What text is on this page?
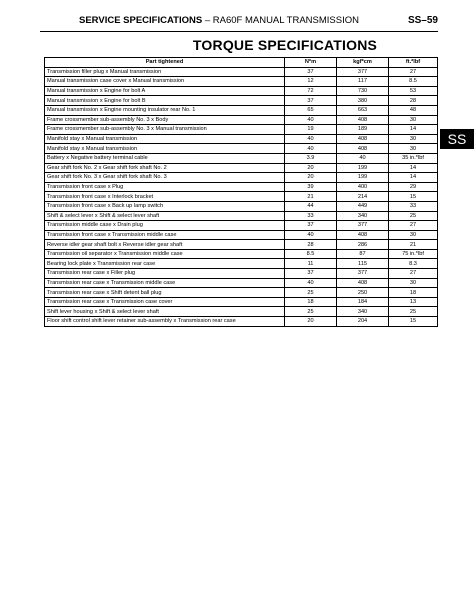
SERVICE SPECIFICATIONS – RA60F MANUAL TRANSMISSION	SS–59
TORQUE SPECIFICATIONS
SS
Part tightened	N*m	kgf*cm	ft.*lbf
Transmission filler plug x Manual transmission	37	377	27
Manual transmission case cover x Manual transmission	12	117	8.5
Manual transmission x Engine for bolt A	72	730	53
Manual transmission x Engine for bolt B	37	380	28
Manual transmission x Engine mounting insulator rear No. 1	65	663	48
Frame crossmember sub-assembly No. 3 x Body	40	408	30
Frame crossmember sub-assembly No. 3 x Manual transmission	19	189	14
Manifold stay x Manual transmission	40	408	30
Manifold stay x Manual transmission	40	408	30
Battery x Negative battery terminal cable	3.9	40	35 in.*lbf
Gear shift fork No. 2 x Gear shift fork shaft No. 2	20	199	14
Gear shift fork No. 3 x Gear shift fork shaft No. 3	20	199	14
Transmission front case x Plug	39	400	29
Transmission front case x Interlock bracket	21	214	15
Transmission front case x Back up lamp switch	44	449	33
Shift & select lever x Shift & select lever shaft	33	340	25
Transmission middle case x Drain plug	37	377	27
Transmission front case x Transmission middle case	40	408	30
Reverse idler gear shaft bolt x Reverse idler gear shaft	28	286	21
Transmission oil separator x Transmission middle case	8.5	87	75 in.*lbf
Bearing lock plate x Transmission rear case	11	115	8.3
Transmission rear case x Filler plug	37	377	27
Transmission rear case x Transmission middle case	40	408	30
Transmission rear case x Shift detent ball plug	25	250	18
Transmission rear case x Transmission case cover	18	184	13
Shift lever housing x Shift & select lever shaft	25	340	25
Floor shift control shift lever retainer sub-assembly x Transmission rear case	20	204	15
